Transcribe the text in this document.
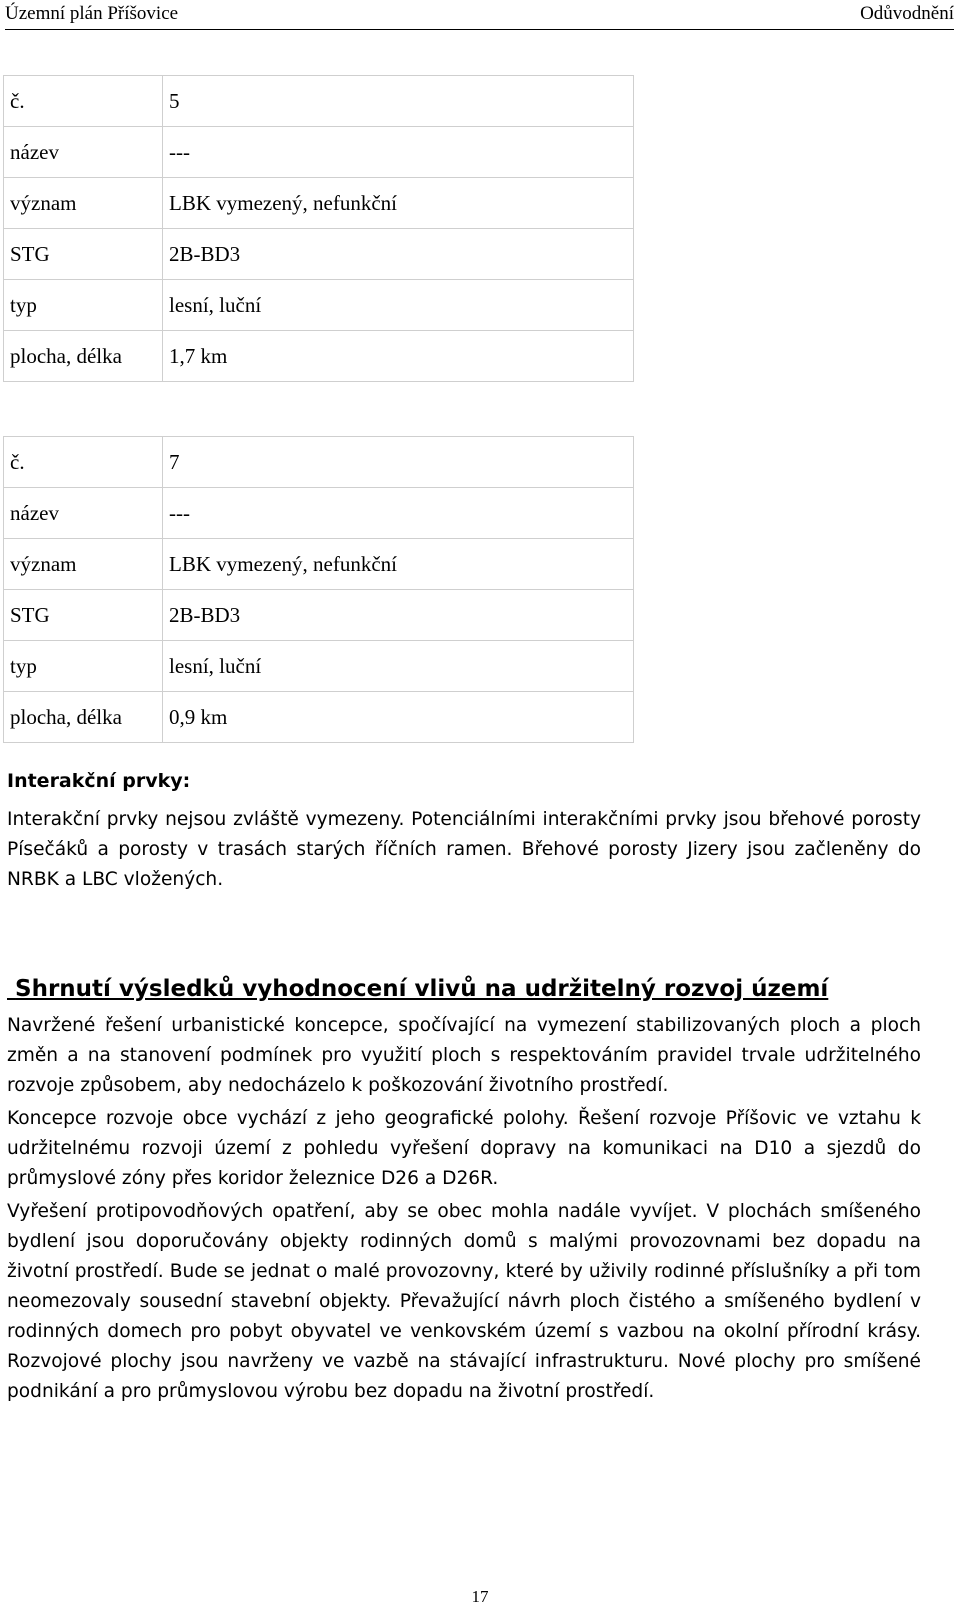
Územní plán Příšovice	Odůvodnění
č.	5
název	---
význam	LBK vymezený, nefunkční
STG	2B-BD3
typ	lesní, luční
plocha, délka	1,7 km
č.	7
název	---
význam	LBK vymezený, nefunkční
STG	2B-BD3
typ	lesní, luční
plocha, délka	0,9 km
Interakční prvky:

Interakční prvky nejsou zvláště vymezeny. Potenciálními interakčními prvky jsou břehové porosty Písečáků a porosty v trasách starých říčních ramen. Břehové porosty Jizery jsou začleněny do NRBK a LBC vložených.

Shrnutí výsledků vyhodnocení vlivů na udržitelný rozvoj území

Navržené řešení urbanistické koncepce, spočívající na vymezení stabilizovaných ploch a ploch změn a na stanovení podmínek pro využití ploch s respektováním pravidel trvale udržitelného rozvoje způsobem, aby nedocházelo k poškozování životního prostředí.

Koncepce rozvoje obce vychází z jeho geografické polohy. Řešení rozvoje Příšovic ve vztahu k udržitelnému rozvoji území z pohledu vyřešení dopravy na komunikaci na D10 a sjezdů do průmyslové zóny přes koridor železnice D26 a D26R.

Vyřešení protipovodňových opatření, aby se obec mohla nadále vyvíjet. V plochách smíšeného bydlení jsou doporučovány objekty rodinných domů s malými provozovnami bez dopadu na životní prostředí. Bude se jednat o malé provozovny, které by uživily rodinné příslušníky a při tom neomezovaly sousední stavební objekty. Převažující návrh ploch čistého a smíšeného bydlení v rodinných domech pro pobyt obyvatel ve venkovském území s vazbou na okolní přírodní krásy. Rozvojové plochy jsou navrženy ve vazbě na stávající infrastrukturu. Nové plochy pro smíšené podnikání a pro průmyslovou výrobu bez dopadu na životní prostředí.

17
